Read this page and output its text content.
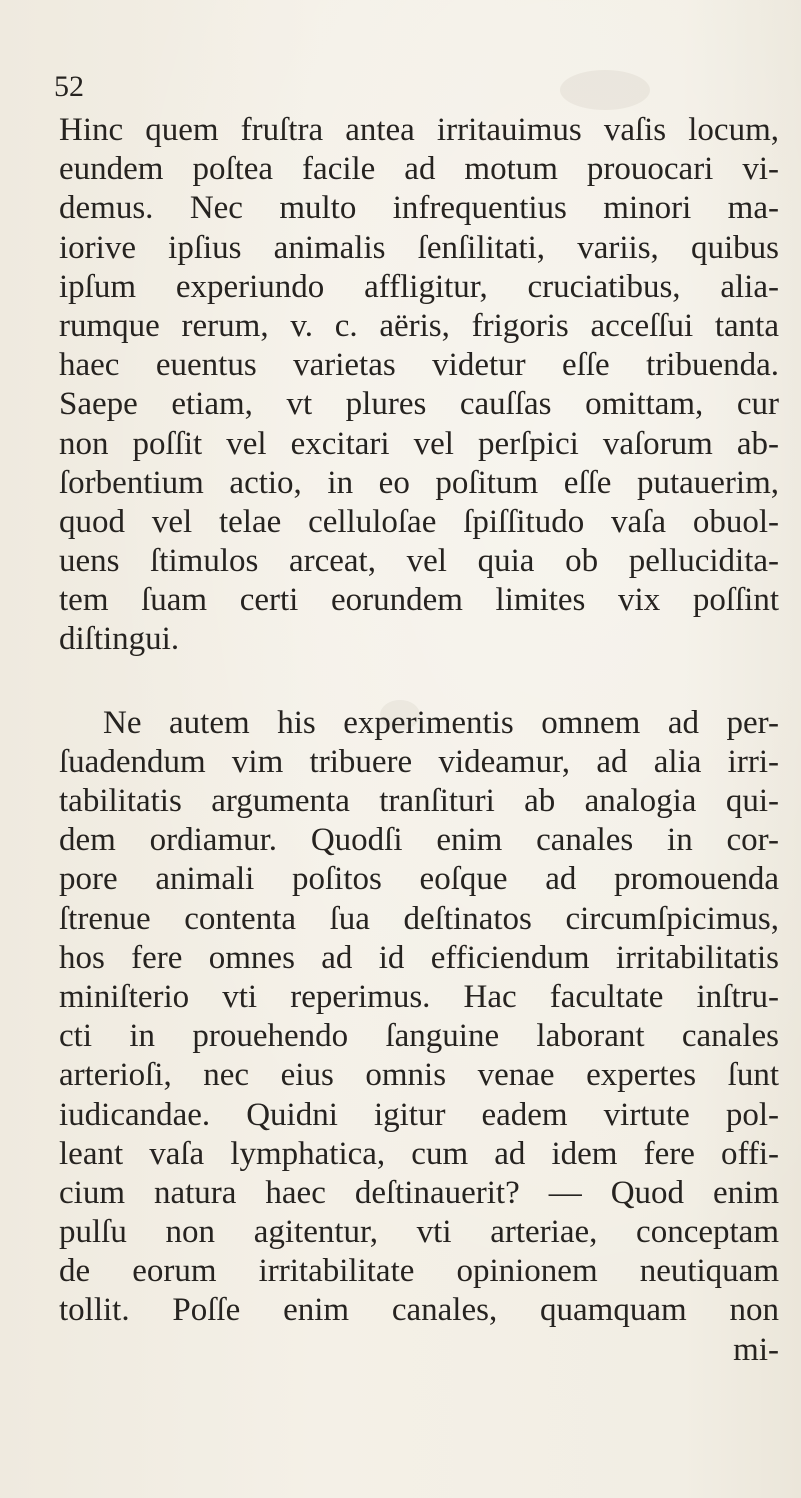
52
Hinc quem fruſtra antea irritauimus vaſis locum,
eundem poſtea facile ad motum prouocari vi-
demus. Nec multo infrequentius minori ma-
iorive ipſius animalis ſenſilitati, variis, quibus
ipſum experiundo affligitur, cruciatibus, alia-
rumque rerum, v. c. aëris, frigoris acceſſui tanta
haec euentus varietas videtur eſſe tribuenda.
Saepe etiam, vt plures cauſſas omittam, cur
non poſſit vel excitari vel perſpici vaſorum ab-
ſorbentium actio, in eo poſitum eſſe putauerim,
quod vel telae celluloſae ſpiſſitudo vaſa obuol-
uens ſtimulos arceat, vel quia ob pellucidita-
tem ſuam certi eorundem limites vix poſſint
diſtingui.
Ne autem his experimentis omnem ad per-
ſuadendum vim tribuere videamur, ad alia irri-
tabilitatis argumenta tranſituri ab analogia qui-
dem ordiamur. Quodſi enim canales in cor-
pore animali poſitos eoſque ad promouenda
ſtrenue contenta ſua deſtinatos circumſpicimus,
hos fere omnes ad id efficiendum irritabilitatis
miniſterio vti reperimus. Hac facultate inſtru-
cti in prouehendo ſanguine laborant canales
arterioſi, nec eius omnis venae expertes ſunt
iudicandae. Quidni igitur eadem virtute pol-
leant vaſa lymphatica, cum ad idem fere offi-
cium natura haec deſtinauerit? — Quod enim
pulſu non agitentur, vti arteriae, conceptam
de eorum irritabilitate opinionem neutiquam
tollit. Poſſe enim canales, quamquam non
mi-
